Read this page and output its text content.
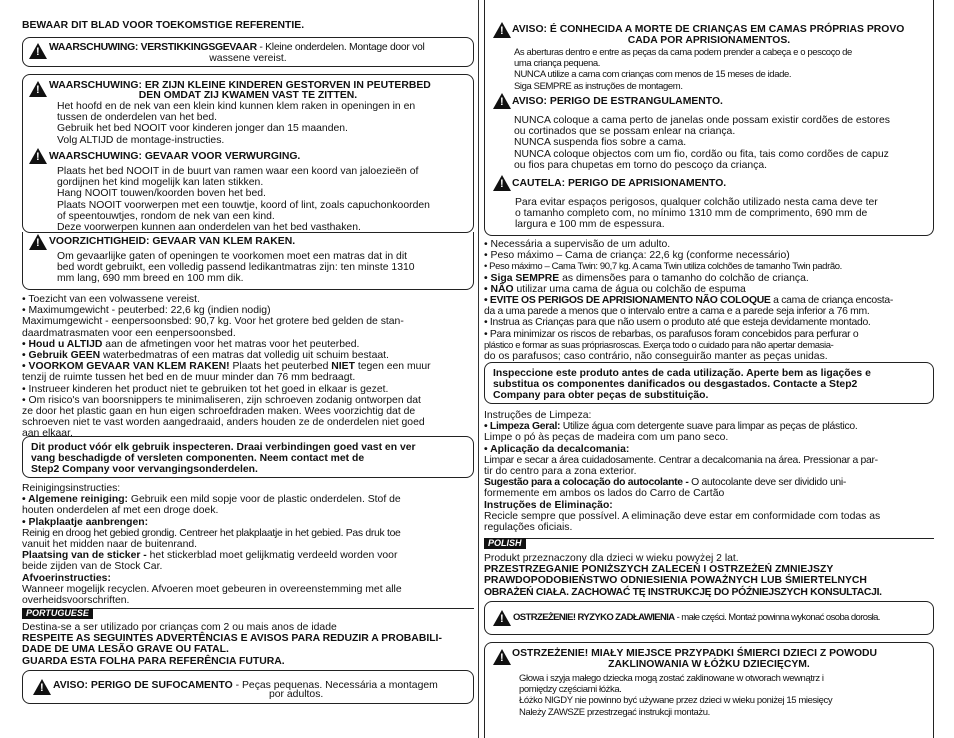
BEWAAR DIT BLAD VOOR TOEKOMSTIGE REFERENTIE.
!
WAARSCHUWING: VERSTIKKINGSGEVAAR - Kleine onderdelen. Montage door vol
wassene vereist.
!
WAARSCHUWING: ER ZIJN KLEINE KINDEREN GESTORVEN IN PEUTERBED
DEN OMDAT ZIJ KWAMEN VAST TE ZITTEN.
Het hoofd en de nek van een klein kind kunnen klem raken in openingen in en
tussen de onderdelen van het bed.
Gebruik het bed NOOIT voor kinderen jonger dan 15 maanden.
Volg ALTIJD de montage-instructies.
!
WAARSCHUWING: GEVAAR VOOR VERWURGING.
Plaats het bed NOOIT in de buurt van ramen waar een koord van jaloezieën of
gordijnen het kind mogelijk kan laten stikken.
Hang NOOIT touwen/koorden boven het bed.
Plaats NOOIT voorwerpen met een touwtje, koord of lint, zoals capuchonkoorden
of speentouwtjes, rondom de nek van een kind.
Deze voorwerpen kunnen aan onderdelen van het bed vasthaken.
!
VOORZICHTIGHEID: GEVAAR VAN KLEM RAKEN.
Om gevaarlijke gaten of openingen te voorkomen moet een matras dat in dit
bed wordt gebruikt, een volledig passend ledikantmatras zijn: ten minste 1310
mm lang, 690 mm breed en 100 mm dik.
• Toezicht van een volwassene vereist.
• Maximumgewicht - peuterbed: 22,6 kg (indien nodig)
Maximumgewicht - eenpersoonsbed: 90,7 kg. Voor het grotere bed gelden de stan-
daardmatrasmaten voor een eenpersoonsbed.
• Houd u ALTIJD aan de afmetingen voor het matras voor het peuterbed.
• Gebruik GEEN waterbedmatras of een matras dat volledig uit schuim bestaat.
• VOORKOM GEVAAR VAN KLEM RAKEN! Plaats het peuterbed NIET tegen een muur
tenzij de ruimte tussen het bed en de muur minder dan 76 mm bedraagt.
• Instrueer kinderen het product niet te gebruiken tot het goed in elkaar is gezet.
• Om risico's van boorsnippers te minimaliseren, zijn schroeven zodanig ontworpen dat
ze door het plastic gaan en hun eigen schroefdraden maken. Wees voorzichtig dat de
schroeven niet te vast worden aangedraaid, anders houden ze de onderdelen niet goed
aan elkaar.
Dit product vóór elk gebruik inspecteren. Draai verbindingen goed vast en ver
vang beschadigde of versleten componenten. Neem contact met de
Step2 Company voor vervangingsonderdelen.
Reinigingsinstructies:
• Algemene reiniging: Gebruik een mild sopje voor de plastic onderdelen. Stof de
houten onderdelen af met een droge doek.
• Plakplaatje aanbrengen:
Reinig en droog het gebied grondig. Centreer het plakplaatje in het gebied. Pas druk toe
vanuit het midden naar de buitenrand.
Plaatsing van de sticker - het stickerblad moet gelijkmatig verdeeld worden voor
beide zijden van de Stock Car.
Afvoerinstructies:
Wanneer mogelijk recyclen. Afvoeren moet gebeuren in overeenstemming met alle
overheidsvoorschriften.
PORTUGUESE
Destina-se a ser utilizado por crianças com 2 ou mais anos de idade
RESPEITE AS SEGUINTES ADVERTÊNCIAS E AVISOS PARA REDUZIR A PROBABILI-
DADE DE UMA LESÃO GRAVE OU FATAL.
GUARDA ESTA FOLHA PARA REFERÊNCIA FUTURA.
!
AVISO: PERIGO DE SUFOCAMENTO - Peças pequenas. Necessária a montagem
por adultos.
!
AVISO: É CONHECIDA A MORTE DE CRIANÇAS EM CAMAS PRÓPRIAS PROVO
CADA POR APRISIONAMENTOS.
As aberturas dentro e entre as peças da cama podem prender a cabeça e o pescoço de
uma criança pequena.
NUNCA utilize a cama com crianças com menos de 15 meses de idade.
Siga SEMPRE as instruções de montagem.
!
AVISO: PERIGO DE ESTRANGULAMENTO.
NUNCA coloque a cama perto de janelas onde possam existir cordões de estores
ou cortinados que se possam enlear na criança.
NUNCA suspenda fios sobre a cama.
NUNCA coloque objectos com um fio, cordão ou fita, tais como cordões de capuz
ou fios para chupetas em torno do pescoço da criança.
!
CAUTELA: PERIGO DE APRISIONAMENTO.
Para evitar espaços perigosos, qualquer colchão utilizado nesta cama deve ter
o tamanho completo com, no mínimo 1310 mm de comprimento, 690 mm de
largura e 100 mm de espessura.
• Necessária a supervisão de um adulto.
• Peso máximo – Cama de criança: 22,6 kg (conforme necessário)
• Peso máximo – Cama Twin: 90,7 kg. A cama Twin utiliza colchões de tamanho Twin padrão.
• Siga SEMPRE as dimensões para o tamanho do colchão de criança.
• NÃO utilizar uma cama de água ou colchão de espuma
• EVITE OS PERIGOS DE APRISIONAMENTO NÃO COLOQUE a cama de criança encosta-
da a uma parede a menos que o intervalo entre a cama e a parede seja inferior a 76 mm.
• Instrua as Crianças para que não usem o produto até que esteja devidamente montado.
• Para minimizar os riscos de rebarbas, os parafusos foram concebidos para perfurar o
plástico e formar as suas própriasroscas. Exerça todo o cuidado para não apertar demasia-
do os parafusos; caso contrário, não conseguirão manter as peças unidas.
Inspeccione este produto antes de cada utilização. Aperte bem as ligações e
substitua os componentes danificados ou desgastados. Contacte a Step2
Company para obter peças de substituição.
Instruções de Limpeza:
• Limpeza Geral: Utilize água com detergente suave para limpar as peças de plástico.
Limpe o pó às peças de madeira com um pano seco.
• Aplicação da decalcomania:
Limpar e secar a área cuidadosamente. Centrar a decalcomania na área. Pressionar a par-
tir do centro para a zona exterior.
Sugestão para a colocação do autocolante - O autocolante deve ser dividido uni-
formemente em ambos os lados do Carro de Cartão
Instruções de Eliminação:
Recicle sempre que possível. A eliminação deve estar em conformidade com todas as
regulações oficiais.
POLISH
Produkt przeznaczony dla dzieci w wieku powyżej 2 lat.
PRZESTRZEGANIE PONIŻSZYCH ZALECEŃ I OSTRZEŻEŃ ZMNIEJSZY
PRAWDOPODOBIEŃSTWO ODNIESIENIA POWAŻNYCH LUB ŚMIERTELNYCH
OBRAŻEŃ CIAŁA. ZACHOWAĆ TĘ INSTRUKCJĘ DO PÓŹNIEJSZYCH KONSULTACJI.
!
OSTRZEŻENIE! RYZYKO ZADŁAWIENIA - małe części. Montaż powinna wykonać osoba dorosła.
!
OSTRZEŻENIE! MIAŁY MIEJSCE PRZYPADKI ŚMIERCI DZIECI Z POWODU
ZAKLINOWANIA W ŁÓŻKU DZIECIĘCYM.
Głowa i szyja małego dziecka mogą zostać zaklinowane w otworach wewnątrz i
pomiędzy częściami łóżka.
Łóżko NIGDY nie powinno być używane przez dzieci w wieku poniżej 15 miesięcy
Należy ZAWSZE przestrzegać instrukcji montażu.
